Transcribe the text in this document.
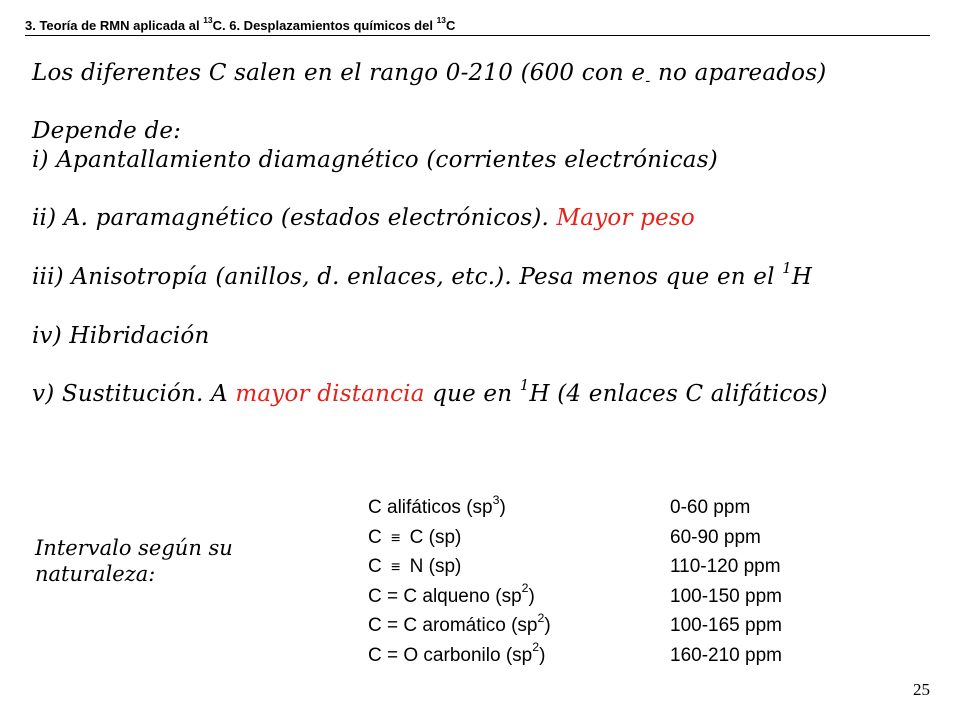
3. Teoría de RMN aplicada al $^{13}$C. 6. Desplazamientos químicos del $^{13}$C
Los diferentes C salen en el rango 0-210 (600 con $e_-$ no apareados)
Depende de:
i) Apantallamiento diamagnético (corrientes electrónicas)
ii) A. paramagnético (estados electrónicos). Mayor peso
iii) Anisotropía (anillos, d. enlaces, etc.). Pesa menos que en el $^1$H
iv) Hibridación
v) Sustitución. A mayor distancia que en $^1$H (4 enlaces C alifáticos)
Intervalo según su
naturaleza:
C alifáticos $(sp^3)$	0-60 ppm
C ≡ C (sp)	60-90 ppm
C ≡ N (sp)	110-120 ppm
C = C alqueno $(sp^2)$	100-150 ppm
C = C aromático $(sp^2)$	100-165 ppm
C = O carbonilo $(sp^2)$	160-210 ppm
25
